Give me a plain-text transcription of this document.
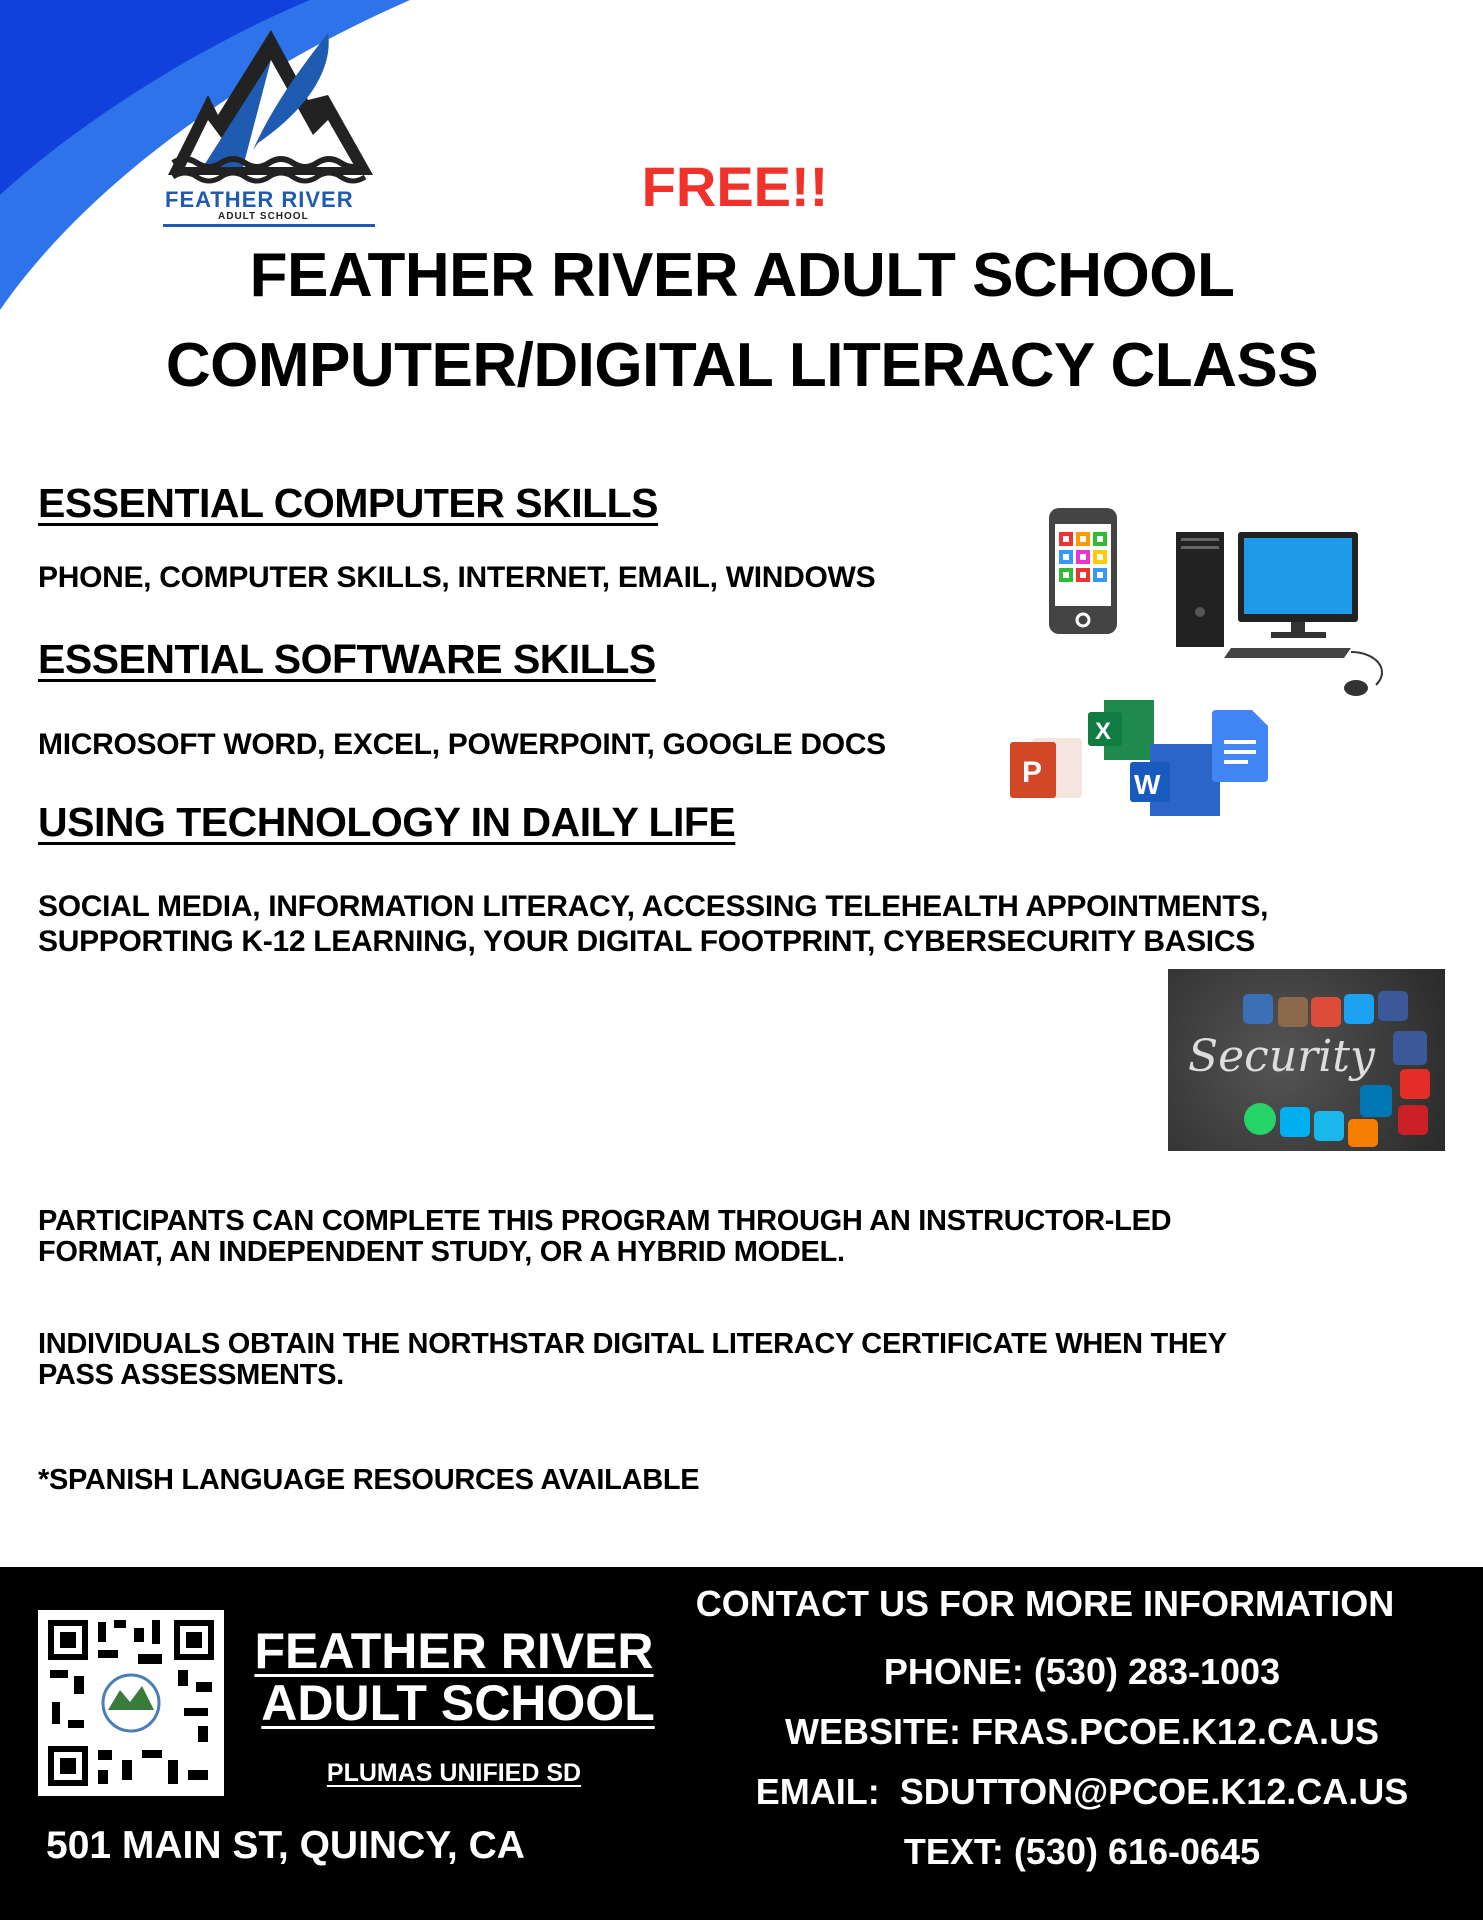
FEATHER RIVER
ADULT SCHOOL	FREE!!
FEATHER RIVER ADULT SCHOOL
COMPUTER/DIGITAL LITERACY CLASS
ESSENTIAL COMPUTER SKILLS
PHONE, COMPUTER SKILLS, INTERNET, EMAIL, WINDOWS
ESSENTIAL SOFTWARE SKILLS
MICROSOFT WORD, EXCEL, POWERPOINT, GOOGLE DOCS
USING TECHNOLOGY IN DAILY LIFE
SOCIAL MEDIA, INFORMATION LITERACY, ACCESSING TELEHEALTH APPOINTMENTS,
SUPPORTING K-12 LEARNING, YOUR DIGITAL FOOTPRINT, CYBERSECURITY BASICS
P
X
W
Security
PARTICIPANTS CAN COMPLETE THIS PROGRAM THROUGH AN INSTRUCTOR-LED
FORMAT, AN INDEPENDENT STUDY, OR A HYBRID MODEL.
INDIVIDUALS OBTAIN THE NORTHSTAR DIGITAL LITERACY CERTIFICATE WHEN THEY
PASS ASSESSMENTS.
*SPANISH LANGUAGE RESOURCES AVAILABLE
FEATHER RIVER
ADULT SCHOOL
PLUMAS UNIFIED SD
501 MAIN ST, QUINCY, CA
CONTACT US FOR MORE INFORMATION
PHONE: (530) 283-1003
WEBSITE: FRAS.PCOE.K12.CA.US
EMAIL:  SDUTTON@PCOE.K12.CA.US
TEXT: (530) 616-0645
